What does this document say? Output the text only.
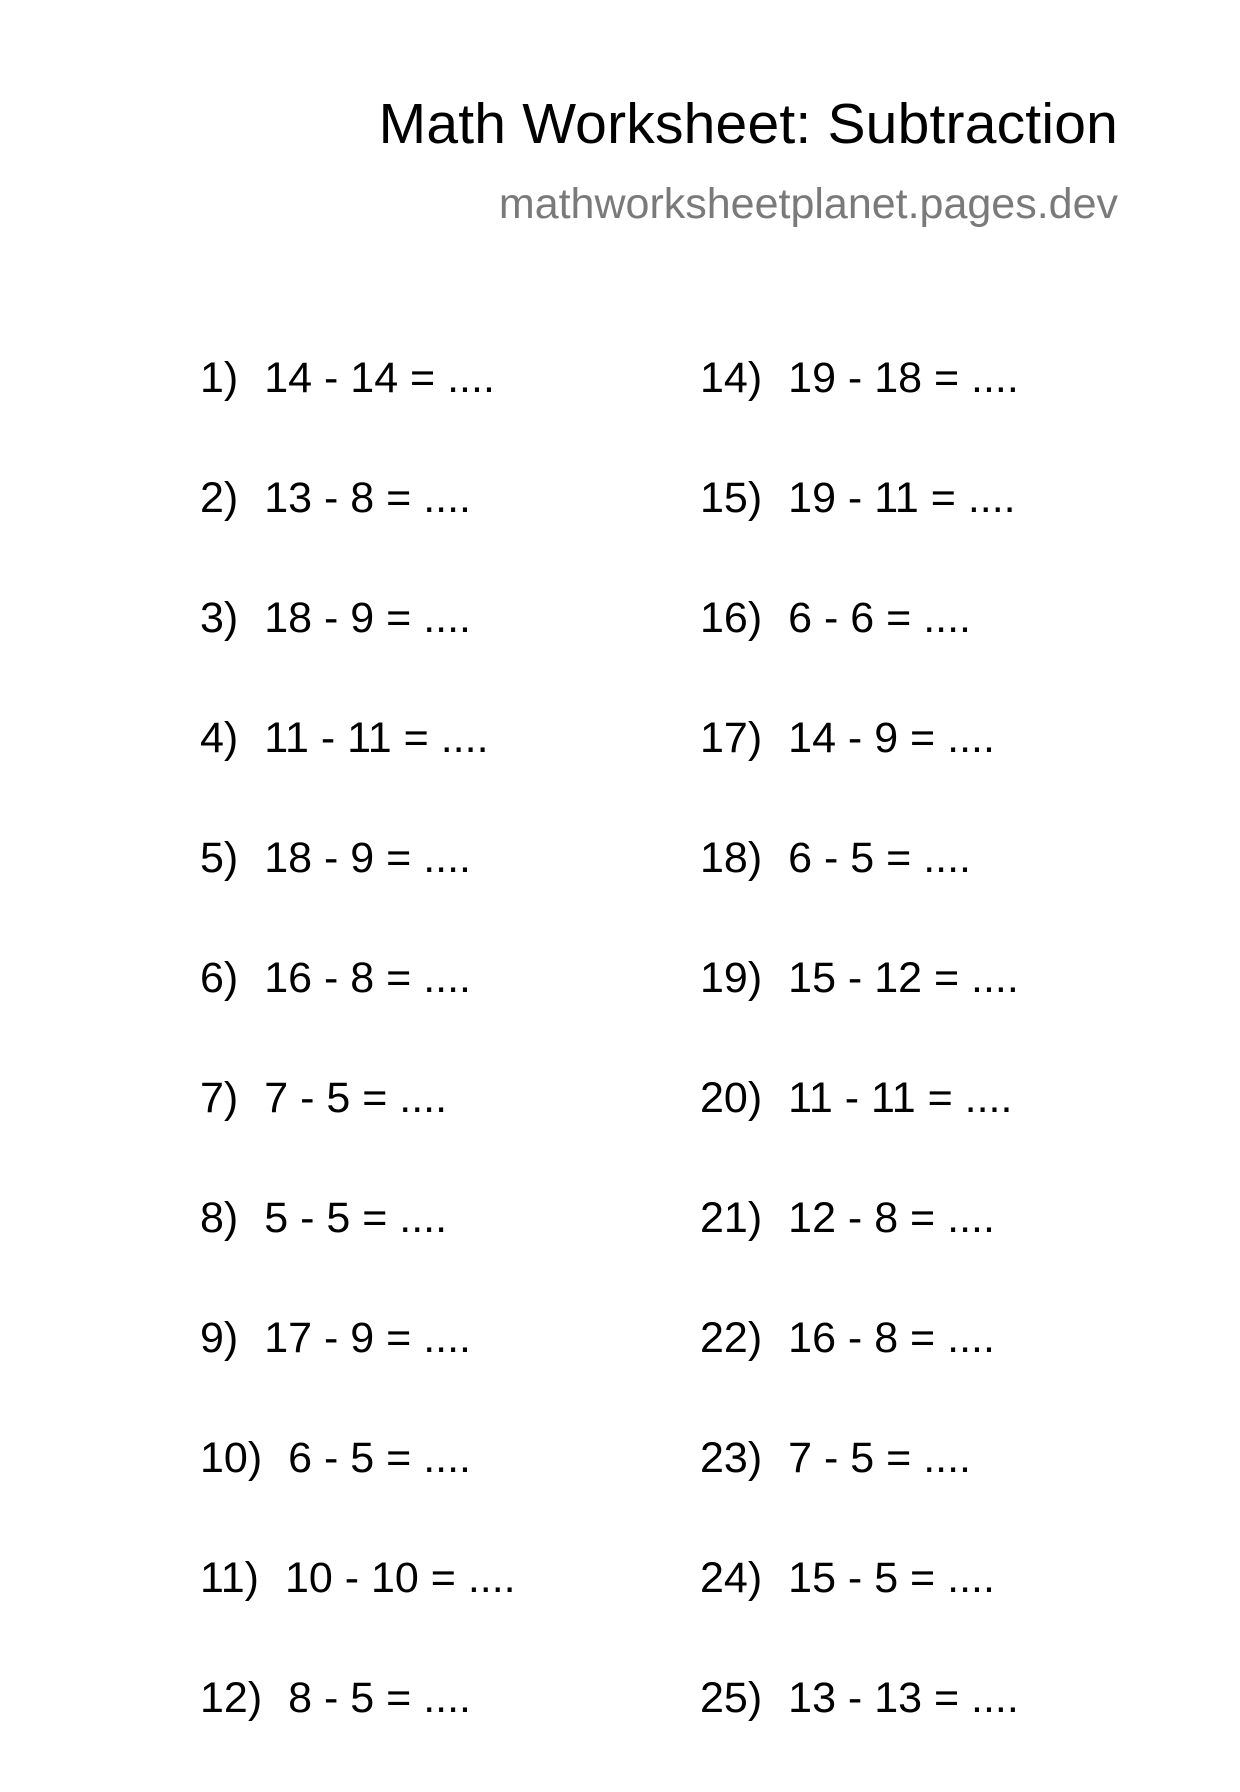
Math Worksheet: Subtraction
mathworksheetplanet.pages.dev
1) 14 - 14 = ....
2) 13 - 8 = ....
3) 18 - 9 = ....
4) 11 - 11 = ....
5) 18 - 9 = ....
6) 16 - 8 = ....
7) 7 - 5 = ....
8) 5 - 5 = ....
9) 17 - 9 = ....
10) 6 - 5 = ....
11) 10 - 10 = ....
12) 8 - 5 = ....
14) 19 - 18 = ....
15) 19 - 11 = ....
16) 6 - 6 = ....
17) 14 - 9 = ....
18) 6 - 5 = ....
19) 15 - 12 = ....
20) 11 - 11 = ....
21) 12 - 8 = ....
22) 16 - 8 = ....
23) 7 - 5 = ....
24) 15 - 5 = ....
25) 13 - 13 = ....
